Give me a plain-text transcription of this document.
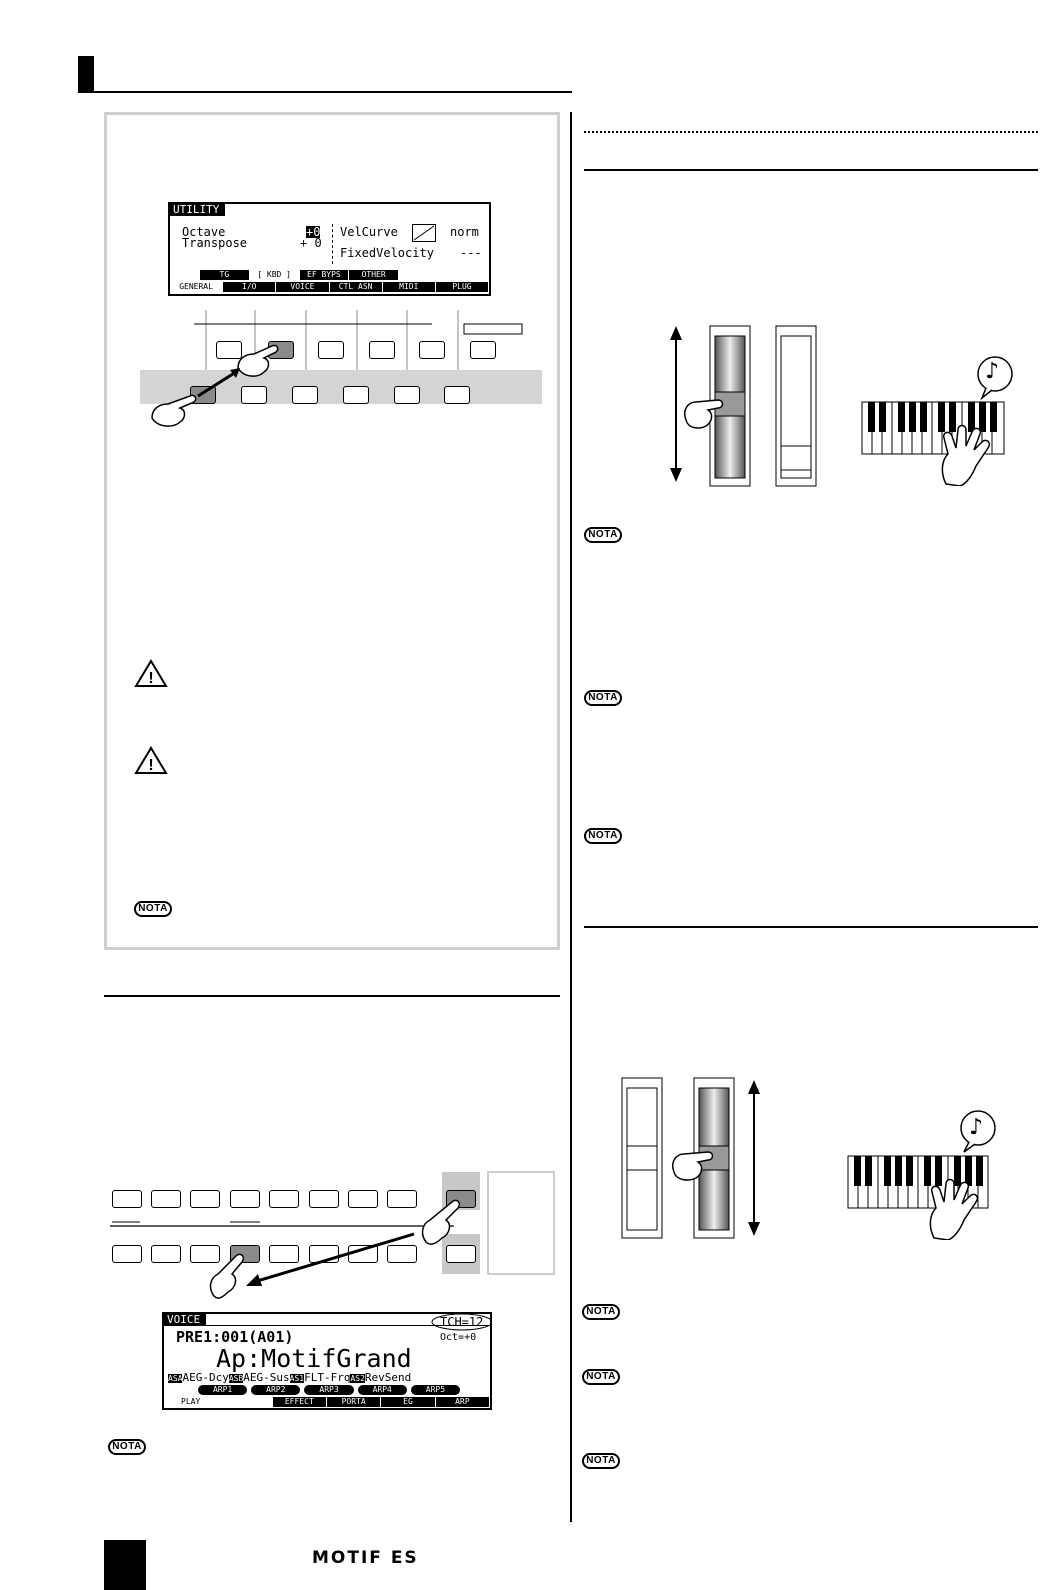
UTILITY
Octave	+0
Transpose	+ 0
VelCurve	norm
FixedVelocity ---
TG	[ KBD ]	EF BYPS	OTHER
GENERAL	I/O	VOICE	CTL ASN	MIDI	PLUG
!
!
NOTA
VOICE	TCH=12
PRE1:001(A01)	Oct=+0
Ap:MotifGrand
ASAAEG-DcyASBAEG-SusAS1FLT-FrqAS2RevSend
ARP1	ARP2	ARP3	ARP4	ARP5
PLAY	EFFECT	PORTA	EG	ARP
NOTA
♪
NOTA
NOTA
NOTA
♪
NOTA
NOTA
NOTA
MOTIF ES
